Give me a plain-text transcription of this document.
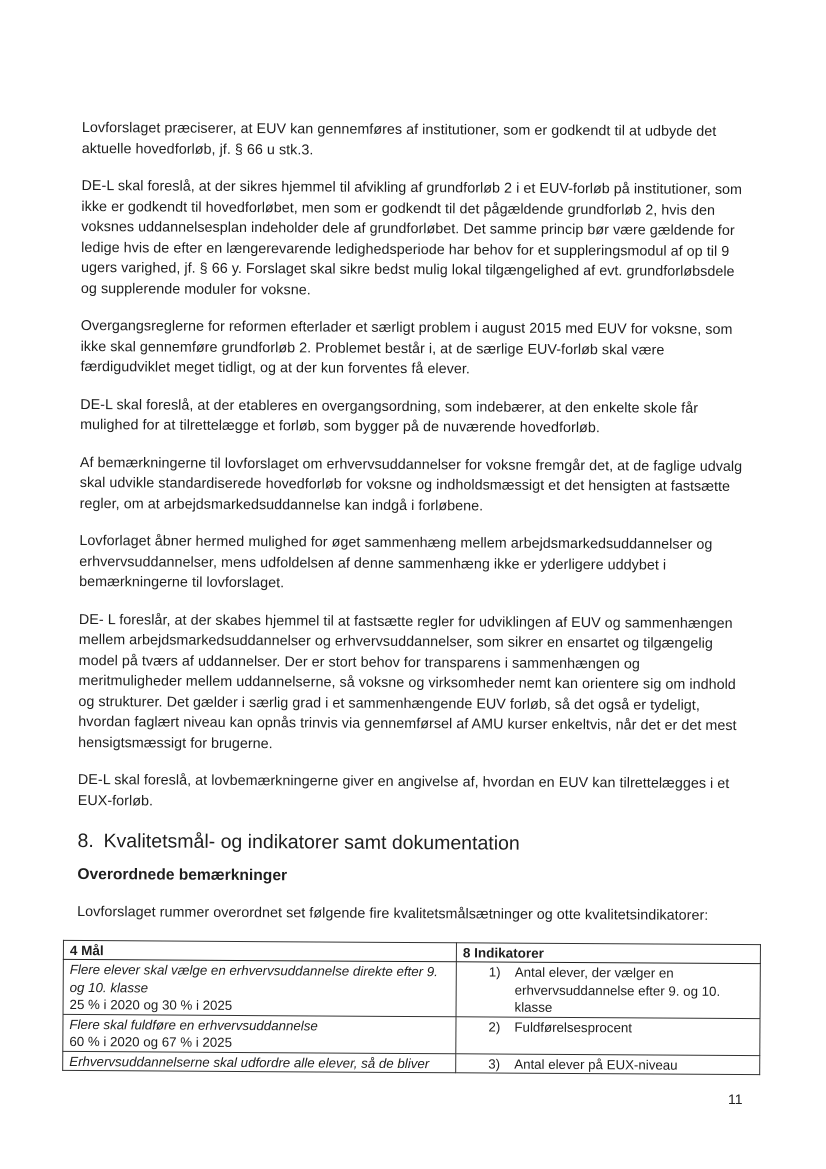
Lovforslaget præciserer, at EUV kan gennemføres af institutioner, som er godkendt til at udbyde det aktuelle hovedforløb, jf. § 66 u stk.3.

DE-L skal foreslå, at der sikres hjemmel til afvikling af grundforløb 2 i et EUV-forløb på institutioner, som ikke er godkendt til hovedforløbet, men som er godkendt til det pågældende grundforløb 2, hvis den voksnes uddannelsesplan indeholder dele af grundforløbet. Det samme princip bør være gældende for ledige hvis de efter en længerevarende ledighedsperiode har behov for et suppleringsmodul af op til 9 ugers varighed, jf. § 66 y. Forslaget skal sikre bedst mulig lokal tilgængelighed af evt. grundforløbsdele og supplerende moduler for voksne.

Overgangsreglerne for reformen efterlader et særligt problem i august 2015 med EUV for voksne, som ikke skal gennemføre grundforløb 2. Problemet består i, at de særlige EUV-forløb skal være færdigudviklet meget tidligt, og at der kun forventes få elever.

DE-L skal foreslå, at der etableres en overgangsordning, som indebærer, at den enkelte skole får mulighed for at tilrettelægge et forløb, som bygger på de nuværende hovedforløb.

Af bemærkningerne til lovforslaget om erhvervsuddannelser for voksne fremgår det, at de faglige udvalg skal udvikle standardiserede hovedforløb for voksne og indholdsmæssigt et det hensigten at fastsætte regler, om at arbejdsmarkedsuddannelse kan indgå i forløbene.

Lovforlaget åbner hermed mulighed for øget sammenhæng mellem arbejdsmarkedsuddannelser og erhvervsuddannelser, mens udfoldelsen af denne sammenhæng ikke er yderligere uddybet i bemærkningerne til lovforslaget.

DE- L foreslår, at der skabes hjemmel til at fastsætte regler for udviklingen af EUV og sammenhængen mellem arbejdsmarkedsuddannelser og erhvervsuddannelser, som sikrer en ensartet og tilgængelig model på tværs af uddannelser. Der er stort behov for transparens i sammenhængen og meritmuligheder mellem uddannelserne, så voksne og virksomheder nemt kan orientere sig om indhold og strukturer. Det gælder i særlig grad i et sammenhængende EUV forløb, så det også er tydeligt, hvordan faglært niveau kan opnås trinvis via gennemførsel af AMU kurser enkeltvis, når det er det mest hensigtsmæssigt for brugerne.

DE-L skal foreslå, at lovbemærkningerne giver en angivelse af, hvordan en EUV kan tilrettelægges i et EUX-forløb.

8. Kvalitetsmål- og indikatorer samt dokumentation
Overordnede bemærkninger

Lovforslaget rummer overordnet set følgende fire kvalitetsmålsætninger og otte kvalitetsindikatorer:

4 Mål	8 Indikatorer
Flere elever skal vælge en erhvervsuddannelse direkte efter 9. og 10. klasse
25 % i 2020 og 30 % i 2025	1) Antal elever, der vælger en erhvervsuddannelse efter 9. og 10. klasse

Flere skal fuldføre en erhvervsuddannelse
60 % i 2020 og 67 % i 2025	2) Fuldførelsesprocent

Erhvervsuddannelserne skal udfordre alle elever, så de bliver	3) Antal elever på EUX-niveau
11
